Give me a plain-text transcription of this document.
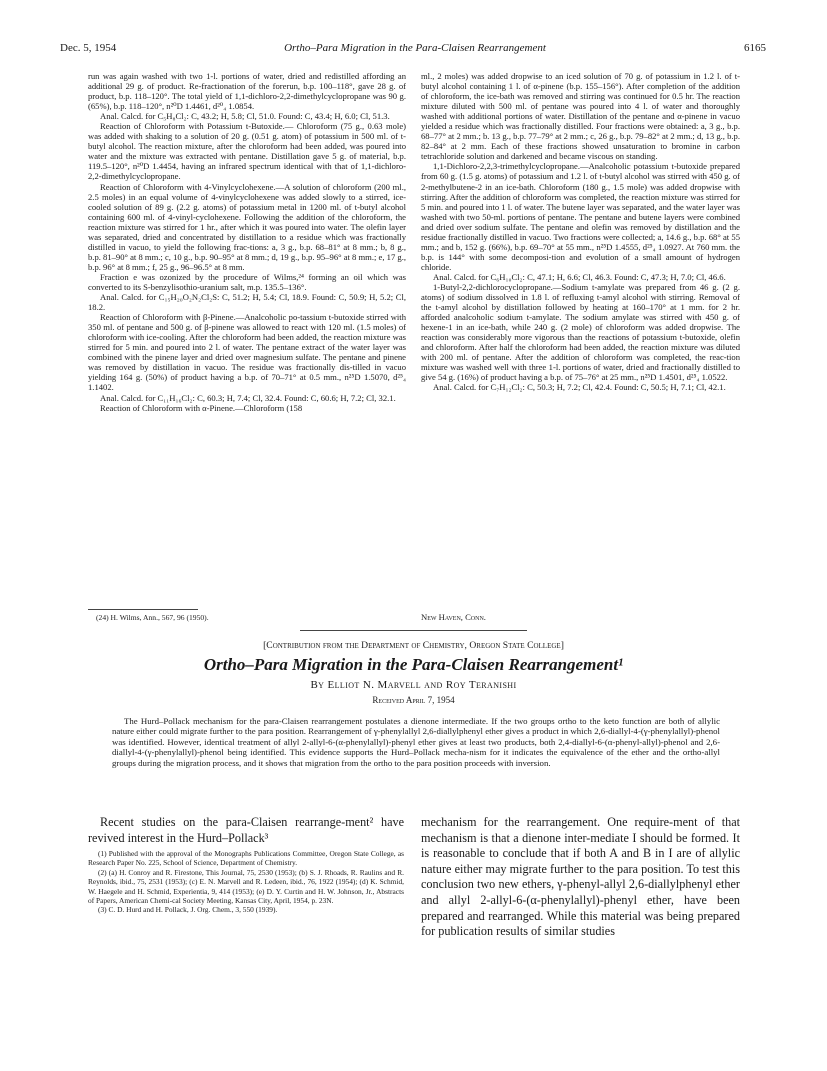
Dec. 5, 1954	Ortho–Para Migration in the Para-Claisen Rearrangement	6165

run was again washed with two 1-l. portions of water, dried and redistilled affording an additional 29 g. of product. Re-fractionation of the forerun, b.p. 100–118°, gave 28 g. of product, b.p. 118–120°. The total yield of 1,1-dichloro-2,2-dimethylcyclopropane was 90 g. (65%), b.p. 118–120°, n²⁰D 1.4461, d²⁰₄ 1.0854.

Anal. Calcd. for C₅H₈Cl₂: C, 43.2; H, 5.8; Cl, 51.0. Found: C, 43.4; H, 6.0; Cl, 51.3.

Reaction of Chloroform with Potassium t-Butoxide.— Chloroform (75 g., 0.63 mole) was added with shaking to a solution of 20 g. (0.51 g. atom) of potassium in 500 ml. of t-butyl alcohol. The reaction mixture, after the chloroform had been added, was poured into water and the mixture was extracted with pentane. Distillation gave 5 g. of material, b.p. 119.5–120°, n²⁰D 1.4454, having an infrared spectrum identical with that of 1,1-dichloro-2,2-dimethylcyclopropane.

Reaction of Chloroform with 4-Vinylcyclohexene.—A solution of chloroform (200 ml., 2.5 moles) in an equal volume of 4-vinylcyclohexene was added slowly to a stirred, ice-cooled solution of 89 g. (2.2 g. atoms) of potassium metal in 1200 ml. of t-butyl alcohol containing 600 ml. of 4-vinyl-cyclohexene. Following the addition of the chloroform, the reaction mixture was stirred for 1 hr., after which it was poured into water. The olefin layer was separated, dried and concentrated by distillation to a residue which was fractionally distilled in vacuo, to yield the following frac-tions: a, 3 g., b.p. 68–81° at 8 mm.; b, 8 g., b.p. 81–90° at 8 mm.; c, 10 g., b.p. 90–95° at 8 mm.; d, 19 g., b.p. 95–96° at 8 mm.; e, 17 g., b.p. 96° at 8 mm.; f, 25 g., 96–96.5° at 8 mm.

Fraction e was ozonized by the procedure of Wilms,²⁴ forming an oil which was converted to its S-benzylisothio-uranium salt, m.p. 135.5–136°.

Anal. Calcd. for C₁₅H₂₀O₂N₂Cl₂S: C, 51.2; H, 5.4; Cl, 18.9. Found: C, 50.9; H, 5.2; Cl, 18.2.

Reaction of Chloroform with β-Pinene.—Analcoholic po-tassium t-butoxide stirred with 350 ml. of pentane and 500 g. of β-pinene was allowed to react with 120 ml. (1.5 moles) of chloroform with ice-cooling. After the chloroform had been added, the reaction mixture was stirred for 5 min. and poured into 2 l. of water. The pentane extract of the water layer was combined with the pinene layer and dried over magnesium sulfate. The pentane and pinene was removed by distillation in vacuo. The residue was fractionally dis-tilled in vacuo yielding 164 g. (50%) of product having a b.p. of 70–71° at 0.5 mm., n²⁵D 1.5070, d²⁵₄ 1.1402.

Anal. Calcd. for C₁₁H₁₆Cl₂: C, 60.3; H, 7.4; Cl, 32.4. Found: C, 60.6; H, 7.2; Cl, 32.1.

Reaction of Chloroform with α-Pinene.—Chloroform (158

(24) H. Wilms, Ann., 567, 96 (1950).

ml., 2 moles) was added dropwise to an iced solution of 70 g. of potassium in 1.2 l. of t-butyl alcohol containing 1 l. of α-pinene (b.p. 155–156°). After completion of the addition of chloroform, the ice-bath was removed and stirring was continued for 0.5 hr. The reaction mixture diluted with 500 ml. of pentane was poured into 4 l. of water and thoroughly washed with additional portions of water. Distillation of the pentane and α-pinene in vacuo yielded a residue which was fractionally distilled. Four fractions were obtained: a, 3 g., b.p. 68–77° at 2 mm.; b. 13 g., b.p. 77–79° at 2 mm.; c, 26 g., b.p. 79–82° at 2 mm.; d, 13 g., b.p. 82–84° at 2 mm. Each of these fractions showed unsaturation to bromine in carbon tetrachloride solution and darkened and became viscous on standing.

1,1-Dichloro-2,2,3-trimethylcyclopropane.—Analcoholic potassium t-butoxide prepared from 60 g. (1.5 g. atoms) of potassium and 1.2 l. of t-butyl alcohol was stirred with 450 g. of 2-methylbutene-2 in an ice-bath. Chloroform (180 g., 1.5 mole) was added dropwise with stirring. After the addition of chloroform was completed, the reaction mixture was stirred for 5 min. and poured into 1 l. of water. The butene layer was separated, and the water layer was washed with two 50-ml. portions of pentane. The pentane and butene layers were combined and dried over sodium sulfate. The pentane and olefin was removed by distillation and the residue fractionally distilled in vacuo. Two fractions were collected; a, 14.6 g., b.p. 68° at 55 mm.; and b, 152 g. (66%), b.p. 69–70° at 55 mm., n²⁵D 1.4555, d²⁵₄ 1.0927. At 760 mm. the b.p. is 144° with some decomposi-tion and evolution of a small amount of hydrogen chloride.

Anal. Calcd. for C₆H₁₀Cl₂: C, 47.1; H, 6.6; Cl, 46.3. Found: C, 47.3; H, 7.0; Cl, 46.6.

1-Butyl-2,2-dichlorocyclopropane.—Sodium t-amylate was prepared from 46 g. (2 g. atoms) of sodium dissolved in 1.8 l. of refluxing t-amyl alcohol with stirring. Removal of the t-amyl alcohol by distillation followed by heating at 160–170° at 1 mm. for 2 hr. afforded analcoholic sodium t-amylate. The sodium amylate was stirred with 450 g. of hexene-1 in an ice-bath, while 240 g. (2 mole) of chloroform was added dropwise. The reaction was considerably more vigorous than the reactions of potassium t-butoxide, olefin and chloroform. After half the chloroform had been added, the reaction mixture was diluted with 200 ml. of pentane. After the addition of chloroform was completed, the reac-tion mixture was washed well with three 1-l. portions of water, dried and fractionally distilled to give 54 g. (16%) of product having a b.p. of 75–76° at 25 mm., n²⁵D 1.4501, d²⁵₄ 1.0522.

Anal. Calcd. for C₇H₁₂Cl₂: C, 50.3; H, 7.2; Cl, 42.4. Found: C, 50.5; H, 7.1; Cl, 42.1.

New Haven, Conn.
[Contribution from the Department of Chemistry, Oregon State College]
Ortho–Para Migration in the Para-Claisen Rearrangement¹
By Elliot N. Marvell and Roy Teranishi
Received April 7, 1954

The Hurd–Pollack mechanism for the para-Claisen rearrangement postulates a dienone intermediate. If the two groups ortho to the keto function are both of allylic nature either could migrate further to the para position. Rearrangement of γ-phenylallyl 2,6-diallylphenyl ether gives a product in which 2,6-diallyl-4-(γ-phenylallyl)-phenol was identified. However, identical treatment of allyl 2-allyl-6-(α-phenylallyl)-phenyl ether gives at least two products, both 2,4-diallyl-6-(α-phenyl-allyl)-phenol and 2,6-diallyl-4-(γ-phenylallyl)-phenol being identified. This evidence supports the Hurd–Pollack mecha-nism for it indicates the equivalence of the ether and the ortho-allyl groups during the migration process, and it shows that migration from the ortho to the para position proceeds with inversion.

Recent studies on the para-Claisen rearrange-ment² have revived interest in the Hurd–Pollack³

(1) Published with the approval of the Monographs Publications Committee, Oregon State College, as Research Paper No. 225, School of Science, Department of Chemistry.

(2) (a) H. Conroy and R. Firestone, This Journal, 75, 2530 (1953); (b) S. J. Rhoads, R. Raulins and R. Reynolds, ibid., 75, 2531 (1953); (c) E. N. Marvell and R. Ledeen, ibid., 76, 1922 (1954); (d) K. Schmid, W. Haegele and H. Schmid, Experientia, 9, 414 (1953); (e) D. Y. Curtin and H. W. Johnson, Jr., Abstracts of Papers, American Chemi-cal Society Meeting, Kansas City, April, 1954, p. 23N.

(3) C. D. Hurd and H. Pollack, J. Org. Chem., 3, 550 (1939).

mechanism for the rearrangement. One require-ment of that mechanism is that a dienone inter-mediate I should be formed. It is reasonable to conclude that if both A and B in I are of allylic nature either may migrate further to the para position. To test this conclusion two new ethers, γ-phenyl-allyl 2,6-diallylphenyl ether and allyl 2-allyl-6-(α-phenylallyl)-phenyl ether, have been prepared and rearranged. While this material was being prepared for publication results of similar studies
